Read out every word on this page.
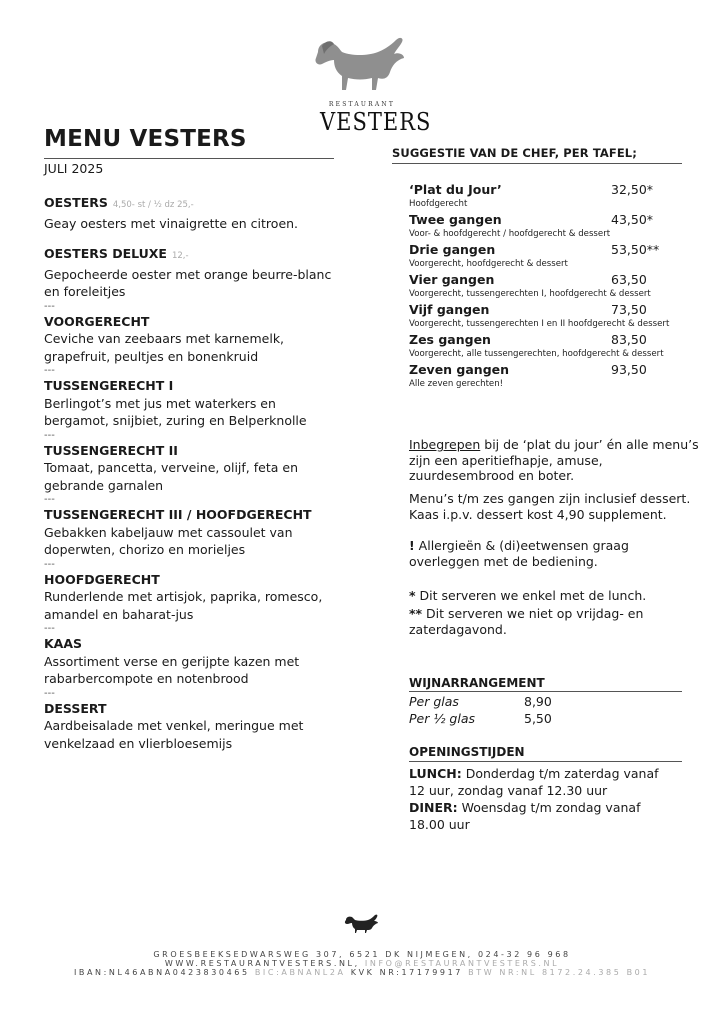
RESTAURANT
VESTERS
MENU VESTERS
JULI 2025
OESTERS 4,50- st / ½ dz 25,-
Geay oesters met vinaigrette en citroen.
OESTERS DELUXE 12,-
Gepocheerde oester met orange beurre-blanc en foreleitjes
---
VOORGERECHT
Ceviche van zeebaars met karnemelk, grapefruit, peultjes en bonenkruid
---
TUSSENGERECHT I
Berlingot’s met jus met waterkers en bergamot, snijbiet, zuring en Belperknolle
---
TUSSENGERECHT II
Tomaat, pancetta, verveine, olijf, feta en gebrande garnalen
---
TUSSENGERECHT III / HOOFDGERECHT
Gebakken kabeljauw met cassoulet van doperwten, chorizo en morieljes
---
HOOFDGERECHT
Runderlende met artisjok, paprika, romesco, amandel en baharat-jus
---
KAAS
Assortiment verse en gerijpte kazen met rabarbercompote en notenbrood
---
DESSERT
Aardbeisalade met venkel, meringue met venkelzaad en vlierbloesemijs
SUGGESTIE VAN DE CHEF, PER TAFEL;
‘Plat du Jour’	32,50*
Hoofdgerecht
Twee gangen	43,50*
Voor- & hoofdgerecht / hoofdgerecht & dessert
Drie gangen	53,50**
Voorgerecht, hoofdgerecht & dessert
Vier gangen	63,50
Voorgerecht, tussengerechten I, hoofdgerecht & dessert
Vijf gangen	73,50
Voorgerecht, tussengerechten I en II hoofdgerecht & dessert
Zes gangen	83,50
Voorgerecht, alle tussengerechten, hoofdgerecht & dessert
Zeven gangen	93,50
Alle zeven gerechten!
Inbegrepen bij de ‘plat du jour’ én alle menu’s zijn een aperitiefhapje, amuse, zuurdesembrood en boter.
Menu’s t/m zes gangen zijn inclusief dessert. Kaas i.p.v. dessert kost 4,90 supplement.
! Allergieën & (di)eetwensen graag overleggen met de bediening.
* Dit serveren we enkel met de lunch.
** Dit serveren we niet op vrijdag- en zaterdagavond.
WIJNARRANGEMENT
Per glas	8,90
Per ½ glas	5,50
OPENINGSTIJDEN
LUNCH: Donderdag t/m zaterdag vanaf 12 uur, zondag vanaf 12.30 uur
DINER: Woensdag t/m zondag vanaf 18.00 uur
GROESBEEKSEDWARSWEG 307, 6521 DK NIJMEGEN, 024-32 96 968
WWW.RESTAURANTVESTERS.NL, INFO@RESTAURANTVESTERS.NL
IBAN:NL46ABNA0423830465 BIC:ABNANL2A KVK NR:17179917 BTW NR:NL 8172.24.385 B01
